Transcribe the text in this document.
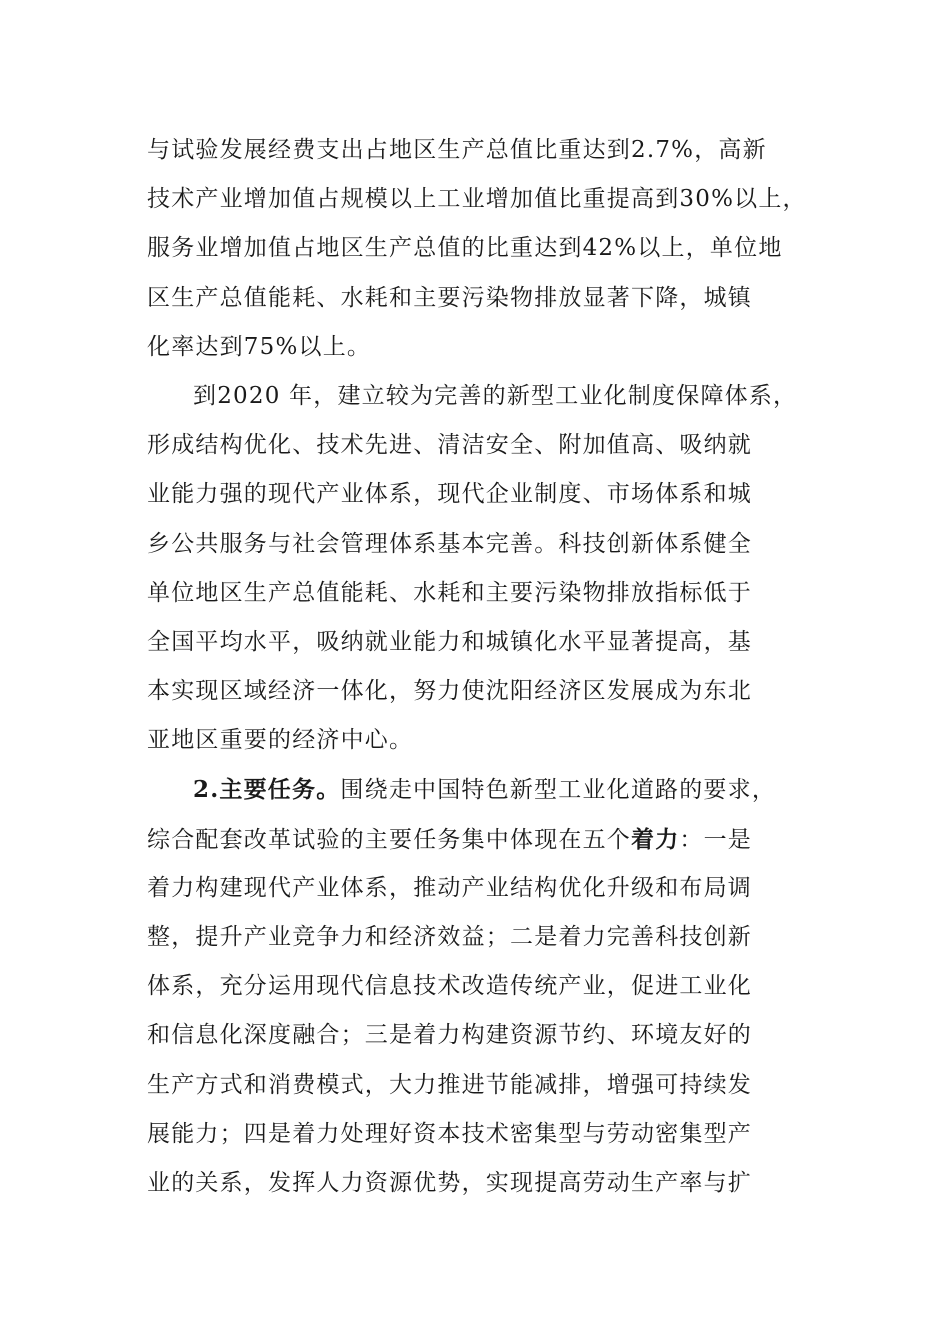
与试验发展经费支出占地区生产总值比重达到2.7%，高新
技术产业增加值占规模以上工业增加值比重提高到30%以上，
服务业增加值占地区生产总值的比重达到42%以上，单位地
区生产总值能耗、水耗和主要污染物排放显著下降，城镇
化率达到75%以上。
到2020 年，建立较为完善的新型工业化制度保障体系，
形成结构优化、技术先进、清洁安全、附加值高、吸纳就
业能力强的现代产业体系，现代企业制度、市场体系和城
乡公共服务与社会管理体系基本完善。科技创新体系健全
单位地区生产总值能耗、水耗和主要污染物排放指标低于
全国平均水平，吸纳就业能力和城镇化水平显著提高，基
本实现区域经济一体化，努力使沈阳经济区发展成为东北
亚地区重要的经济中心。
2.主要任务。围绕走中国特色新型工业化道路的要求，
综合配套改革试验的主要任务集中体现在五个着力：一是
着力构建现代产业体系，推动产业结构优化升级和布局调
整，提升产业竞争力和经济效益；二是着力完善科技创新
体系，充分运用现代信息技术改造传统产业，促进工业化
和信息化深度融合；三是着力构建资源节约、环境友好的
生产方式和消费模式，大力推进节能减排，增强可持续发
展能力；四是着力处理好资本技术密集型与劳动密集型产
业的关系，发挥人力资源优势，实现提高劳动生产率与扩
